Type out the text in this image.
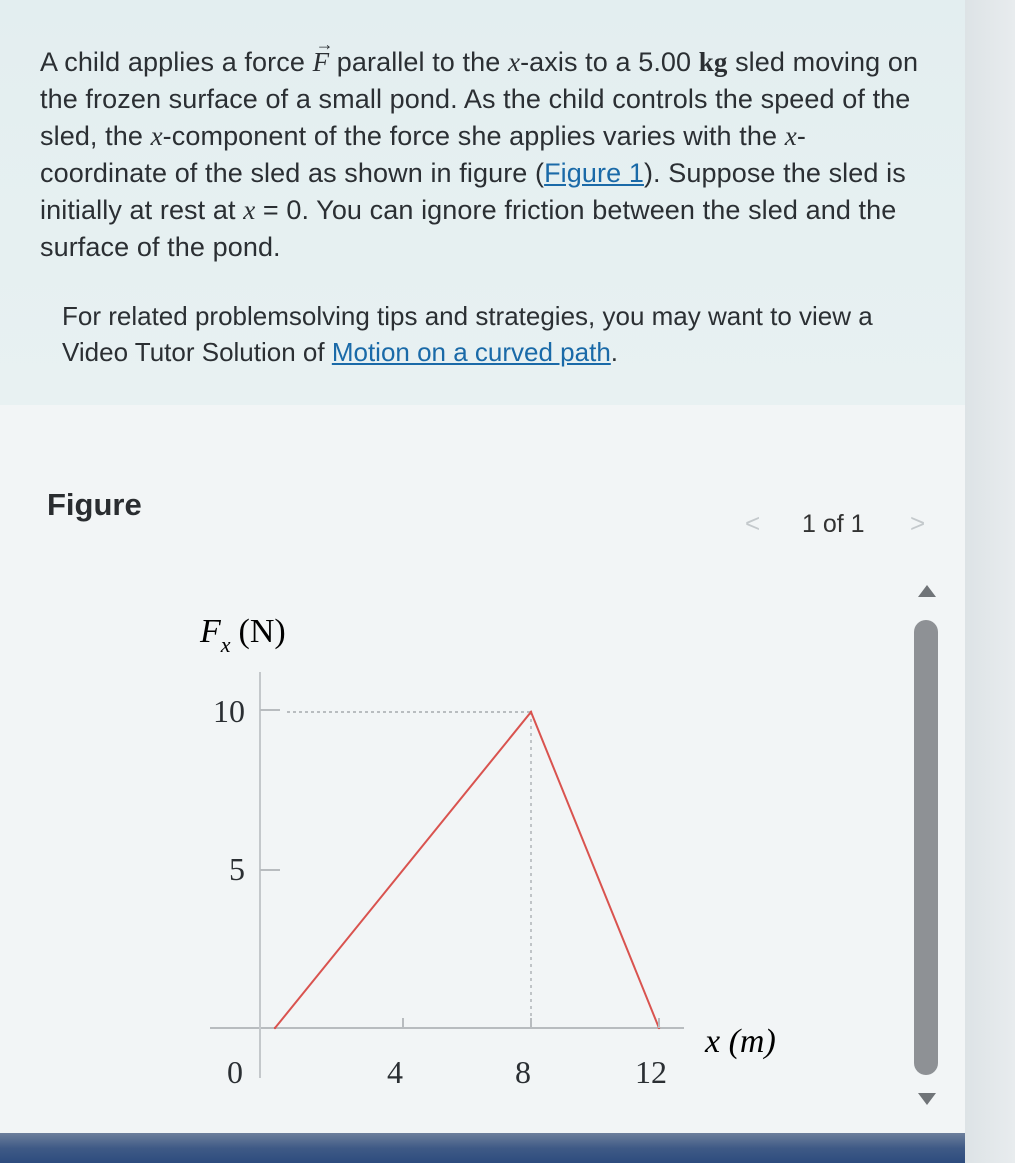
A child applies a force → F parallel to the x-axis to a 5.00 kg sled moving on the frozen surface of a small pond. As the child controls the speed of the sled, the x-component of the force she applies varies with the x-coordinate of the sled as shown in figure (Figure 1). Suppose the sled is initially at rest at x = 0. You can ignore friction between the sled and the surface of the pond.
For related problemsolving tips and strategies, you may want to view a Video Tutor Solution of Motion on a curved path.
Figure
< 1 of 1 >
$F_x$ (N)
x (m)
0	4	8	12
5
10
